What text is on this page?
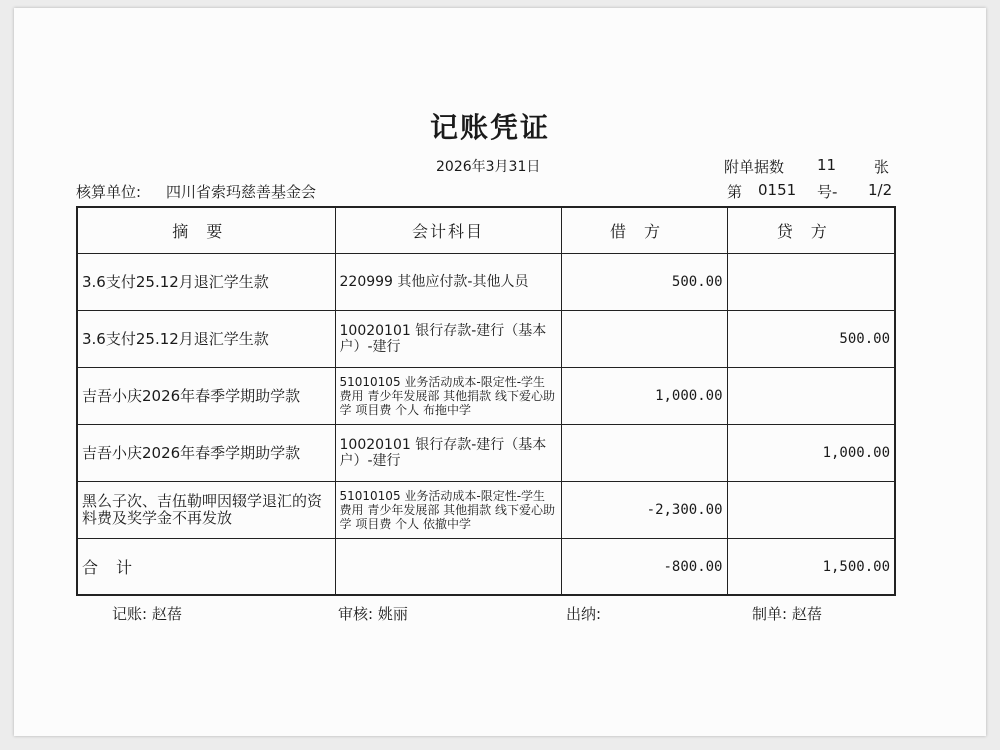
记账凭证
2026年3月31日	附单据数 11	张
核算单位: 四川省索玛慈善基金会	第 0151 号- 1/2
摘要	会计科目	借方	贷方
3.6支付25.12月退汇学生款	220999 其他应付款-其他人员	500.00	
3.6支付25.12月退汇学生款	10020101 银行存款-建行（基本户）-建行		500.00
吉吾小庆2026年春季学期助学款	51010105 业务活动成本-限定性-学生费用 青少年发展部 其他捐款 线下爱心助学 项目费 个人 布拖中学	1,000.00	
吉吾小庆2026年春季学期助学款	10020101 银行存款-建行（基本户）-建行		1,000.00
黑么子次、吉伍勒呷因辍学退汇的资料费及奖学金不再发放	51010105 业务活动成本-限定性-学生费用 青少年发展部 其他捐款 线下爱心助学 项目费 个人 依撤中学	-2,300.00	
合计		-800.00	1,500.00
记账: 赵蓓	审核: 姚丽	出纳:	制单: 赵蓓
